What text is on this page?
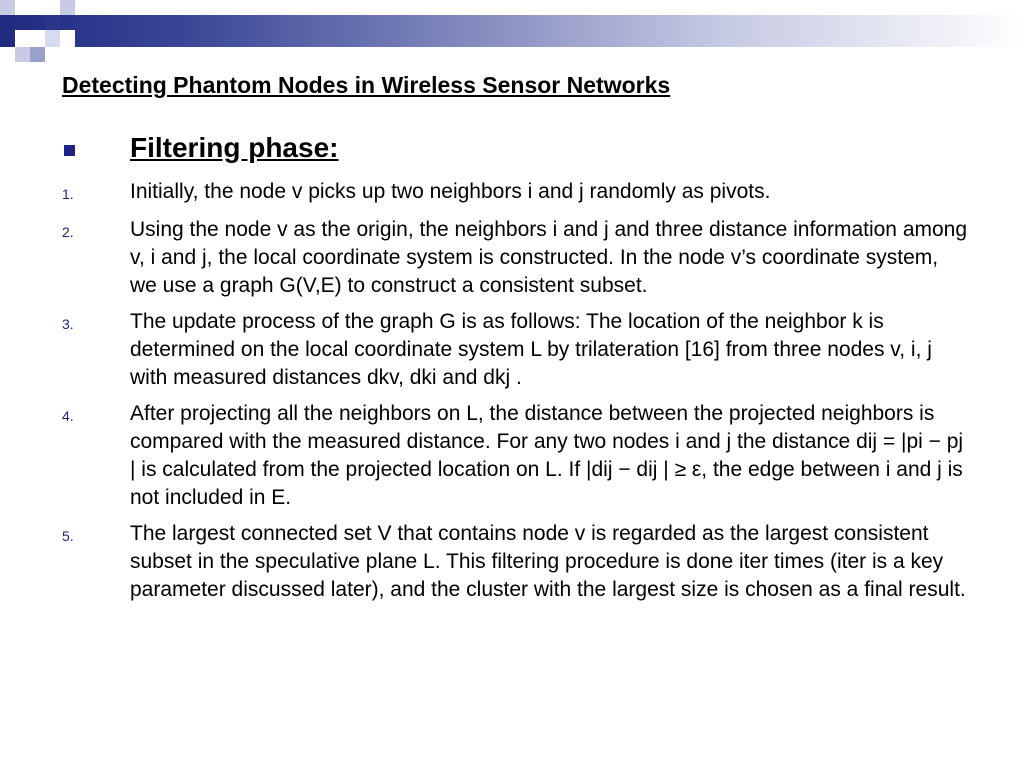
Detecting Phantom Nodes in Wireless Sensor Networks
Filtering phase:
1.	Initially, the node v picks up two neighbors i and j randomly as pivots.
2.	Using the node v as the origin, the neighbors i and j and three distance information among v, i and j, the local coordinate system is constructed. In the node v’s coordinate system, we use a graph G(V,E) to construct a consistent subset.
3.	The update process of the graph G is as follows: The location of the neighbor k is determined on the local coordinate system L by trilateration [16] from three nodes v, i, j with measured distances dkv, dki and dkj .
4.	After projecting all the neighbors on L, the distance between the projected neighbors is compared with the measured distance. For any two nodes i and j the distance dij = |pi − pj | is calculated from the projected location on L. If |dij − dij | ≥ ε, the edge between i and j is not included in E.
5.	The largest connected set V that contains node v is regarded as the largest consistent subset in the speculative plane L. This filtering procedure is done iter times (iter is a key parameter discussed later), and the cluster with the largest size is chosen as a final result.
